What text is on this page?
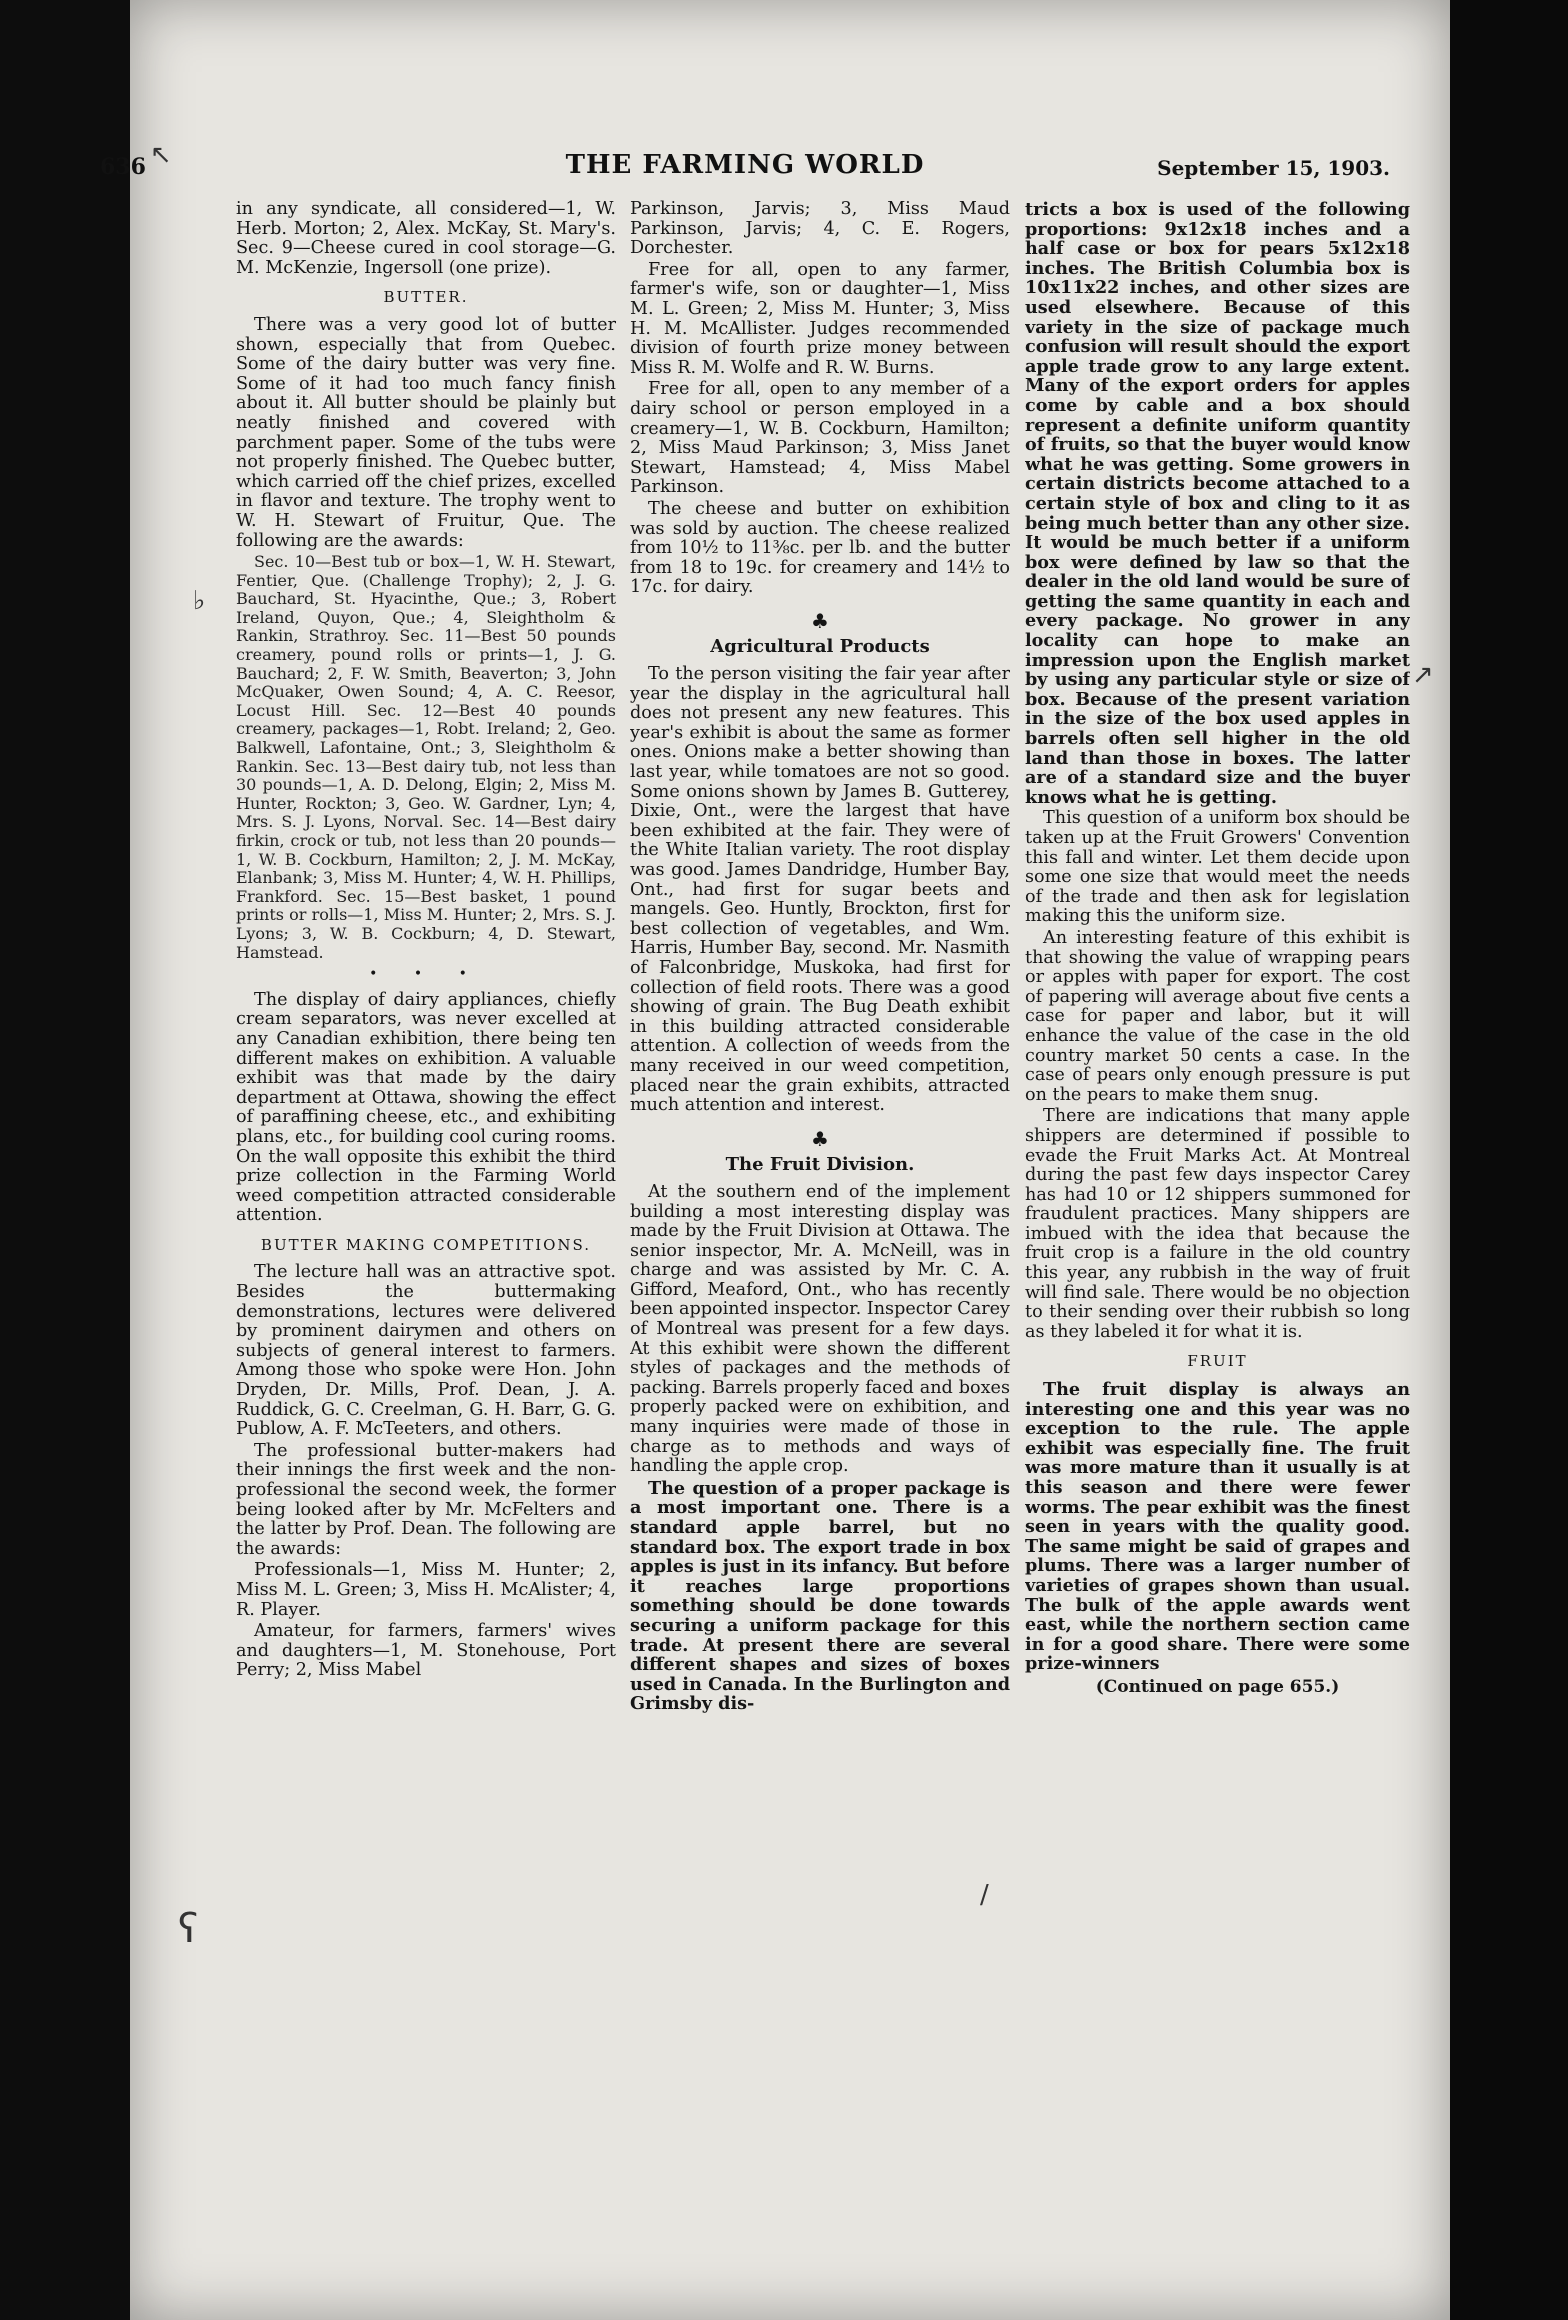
636	THE FARMING WORLD	September 15, 1903.

in any syndicate, all considered—1, W. Herb. Morton; 2, Alex. McKay, St. Mary's. Sec. 9—Cheese cured in cool storage—G. M. McKenzie, Ingersoll (one prize).

BUTTER.

There was a very good lot of butter shown, especially that from Quebec. Some of the dairy butter was very fine. Some of it had too much fancy finish about it. All butter should be plainly but neatly finished and covered with parchment paper. Some of the tubs were not properly finished. The Quebec butter, which carried off the chief prizes, excelled in flavor and texture. The trophy went to W. H. Stewart of Fruitur, Que. The following are the awards:

Sec. 10—Best tub or box—1, W. H. Stewart, Fentier, Que. (Challenge Trophy); 2, J. G. Bauchard, St. Hyacinthe, Que.; 3, Robert Ireland, Quyon, Que.; 4, Sleightholm & Rankin, Strathroy. Sec. 11—Best 50 pounds creamery, pound rolls or prints—1, J. G. Bauchard; 2, F. W. Smith, Beaverton; 3, John McQuaker, Owen Sound; 4, A. C. Reesor, Locust Hill. Sec. 12—Best 40 pounds creamery, packages—1, Robt. Ireland; 2, Geo. Balkwell, Lafontaine, Ont.; 3, Sleightholm & Rankin. Sec. 13—Best dairy tub, not less than 30 pounds—1, A. D. Delong, Elgin; 2, Miss M. Hunter, Rockton; 3, Geo. W. Gardner, Lyn; 4, Mrs. S. J. Lyons, Norval. Sec. 14—Best dairy firkin, crock or tub, not less than 20 pounds—1, W. B. Cockburn, Hamilton; 2, J. M. McKay, Elanbank; 3, Miss M. Hunter; 4, W. H. Phillips, Frankford. Sec. 15—Best basket, 1 pound prints or rolls—1, Miss M. Hunter; 2, Mrs. S. J. Lyons; 3, W. B. Cockburn; 4, D. Stewart, Hamstead.

• • •

The display of dairy appliances, chiefly cream separators, was never excelled at any Canadian exhibition, there being ten different makes on exhibition. A valuable exhibit was that made by the dairy department at Ottawa, showing the effect of paraffining cheese, etc., and exhibiting plans, etc., for building cool curing rooms. On the wall opposite this exhibit the third prize collection in the Farming World weed competition attracted considerable attention.

BUTTER MAKING COMPETITIONS.

The lecture hall was an attractive spot. Besides the buttermaking demonstrations, lectures were delivered by prominent dairymen and others on subjects of general interest to farmers. Among those who spoke were Hon. John Dryden, Dr. Mills, Prof. Dean, J. A. Ruddick, G. C. Creelman, G. H. Barr, G. G. Publow, A. F. McTeeters, and others.

The professional butter-makers had their innings the first week and the non-professional the second week, the former being looked after by Mr. McFelters and the latter by Prof. Dean. The following are the awards:

Professionals—1, Miss M. Hunter; 2, Miss M. L. Green; 3, Miss H. McAlister; 4, R. Player.

Amateur, for farmers, farmers' wives and daughters—1, M. Stonehouse, Port Perry; 2, Miss Mabel

Parkinson, Jarvis; 3, Miss Maud Parkinson, Jarvis; 4, C. E. Rogers, Dorchester.

Free for all, open to any farmer, farmer's wife, son or daughter—1, Miss M. L. Green; 2, Miss M. Hunter; 3, Miss H. M. McAllister. Judges recommended division of fourth prize money between Miss R. M. Wolfe and R. W. Burns.

Free for all, open to any member of a dairy school or person employed in a creamery—1, W. B. Cockburn, Hamilton; 2, Miss Maud Parkinson; 3, Miss Janet Stewart, Hamstead; 4, Miss Mabel Parkinson.

The cheese and butter on exhibition was sold by auction. The cheese realized from 10½ to 11⅜c. per lb. and the butter from 18 to 19c. for creamery and 14½ to 17c. for dairy.

♣
Agricultural Products

To the person visiting the fair year after year the display in the agricultural hall does not present any new features. This year's exhibit is about the same as former ones. Onions make a better showing than last year, while tomatoes are not so good. Some onions shown by James B. Gutterey, Dixie, Ont., were the largest that have been exhibited at the fair. They were of the White Italian variety. The root display was good. James Dandridge, Humber Bay, Ont., had first for sugar beets and mangels. Geo. Huntly, Brockton, first for best collection of vegetables, and Wm. Harris, Humber Bay, second. Mr. Nasmith of Falconbridge, Muskoka, had first for collection of field roots. There was a good showing of grain. The Bug Death exhibit in this building attracted considerable attention. A collection of weeds from the many received in our weed competition, placed near the grain exhibits, attracted much attention and interest.

♣
The Fruit Division.

At the southern end of the implement building a most interesting display was made by the Fruit Division at Ottawa. The senior inspector, Mr. A. McNeill, was in charge and was assisted by Mr. C. A. Gifford, Meaford, Ont., who has recently been appointed inspector. Inspector Carey of Montreal was present for a few days. At this exhibit were shown the different styles of packages and the methods of packing. Barrels properly faced and boxes properly packed were on exhibition, and many inquiries were made of those in charge as to methods and ways of handling the apple crop.

The question of a proper package is a most important one. There is a standard apple barrel, but no standard box. The export trade in box apples is just in its infancy. But before it reaches large proportions something should be done towards securing a uniform package for this trade. At present there are several different shapes and sizes of boxes used in Canada. In the Burlington and Grimsby dis-

tricts a box is used of the following proportions: 9x12x18 inches and a half case or box for pears 5x12x18 inches. The British Columbia box is 10x11x22 inches, and other sizes are used elsewhere. Because of this variety in the size of package much confusion will result should the export apple trade grow to any large extent. Many of the export orders for apples come by cable and a box should represent a definite uniform quantity of fruits, so that the buyer would know what he was getting. Some growers in certain districts become attached to a certain style of box and cling to it as being much better than any other size. It would be much better if a uniform box were defined by law so that the dealer in the old land would be sure of getting the same quantity in each and every package. No grower in any locality can hope to make an impression upon the English market by using any particular style or size of box. Because of the present variation in the size of the box used apples in barrels often sell higher in the old land than those in boxes. The latter are of a standard size and the buyer knows what he is getting.

This question of a uniform box should be taken up at the Fruit Growers' Convention this fall and winter. Let them decide upon some one size that would meet the needs of the trade and then ask for legislation making this the uniform size.

An interesting feature of this exhibit is that showing the value of wrapping pears or apples with paper for export. The cost of papering will average about five cents a case for paper and labor, but it will enhance the value of the case in the old country market 50 cents a case. In the case of pears only enough pressure is put on the pears to make them snug.

There are indications that many apple shippers are determined if possible to evade the Fruit Marks Act. At Montreal during the past few days inspector Carey has had 10 or 12 shippers summoned for fraudulent practices. Many shippers are imbued with the idea that because the fruit crop is a failure in the old country this year, any rubbish in the way of fruit will find sale. There would be no objection to their sending over their rubbish so long as they labeled it for what it is.

FRUIT

The fruit display is always an interesting one and this year was no exception to the rule. The apple exhibit was especially fine. The fruit was more mature than it usually is at this season and there were fewer worms. The pear exhibit was the finest seen in years with the quality good. The same might be said of grapes and plums. There was a larger number of varieties of grapes shown than usual. The bulk of the apple awards went east, while the northern section came in for a good share. There were some prize-winners

(Continued on page 655.)
↖
♭
ʕ
↗
/
